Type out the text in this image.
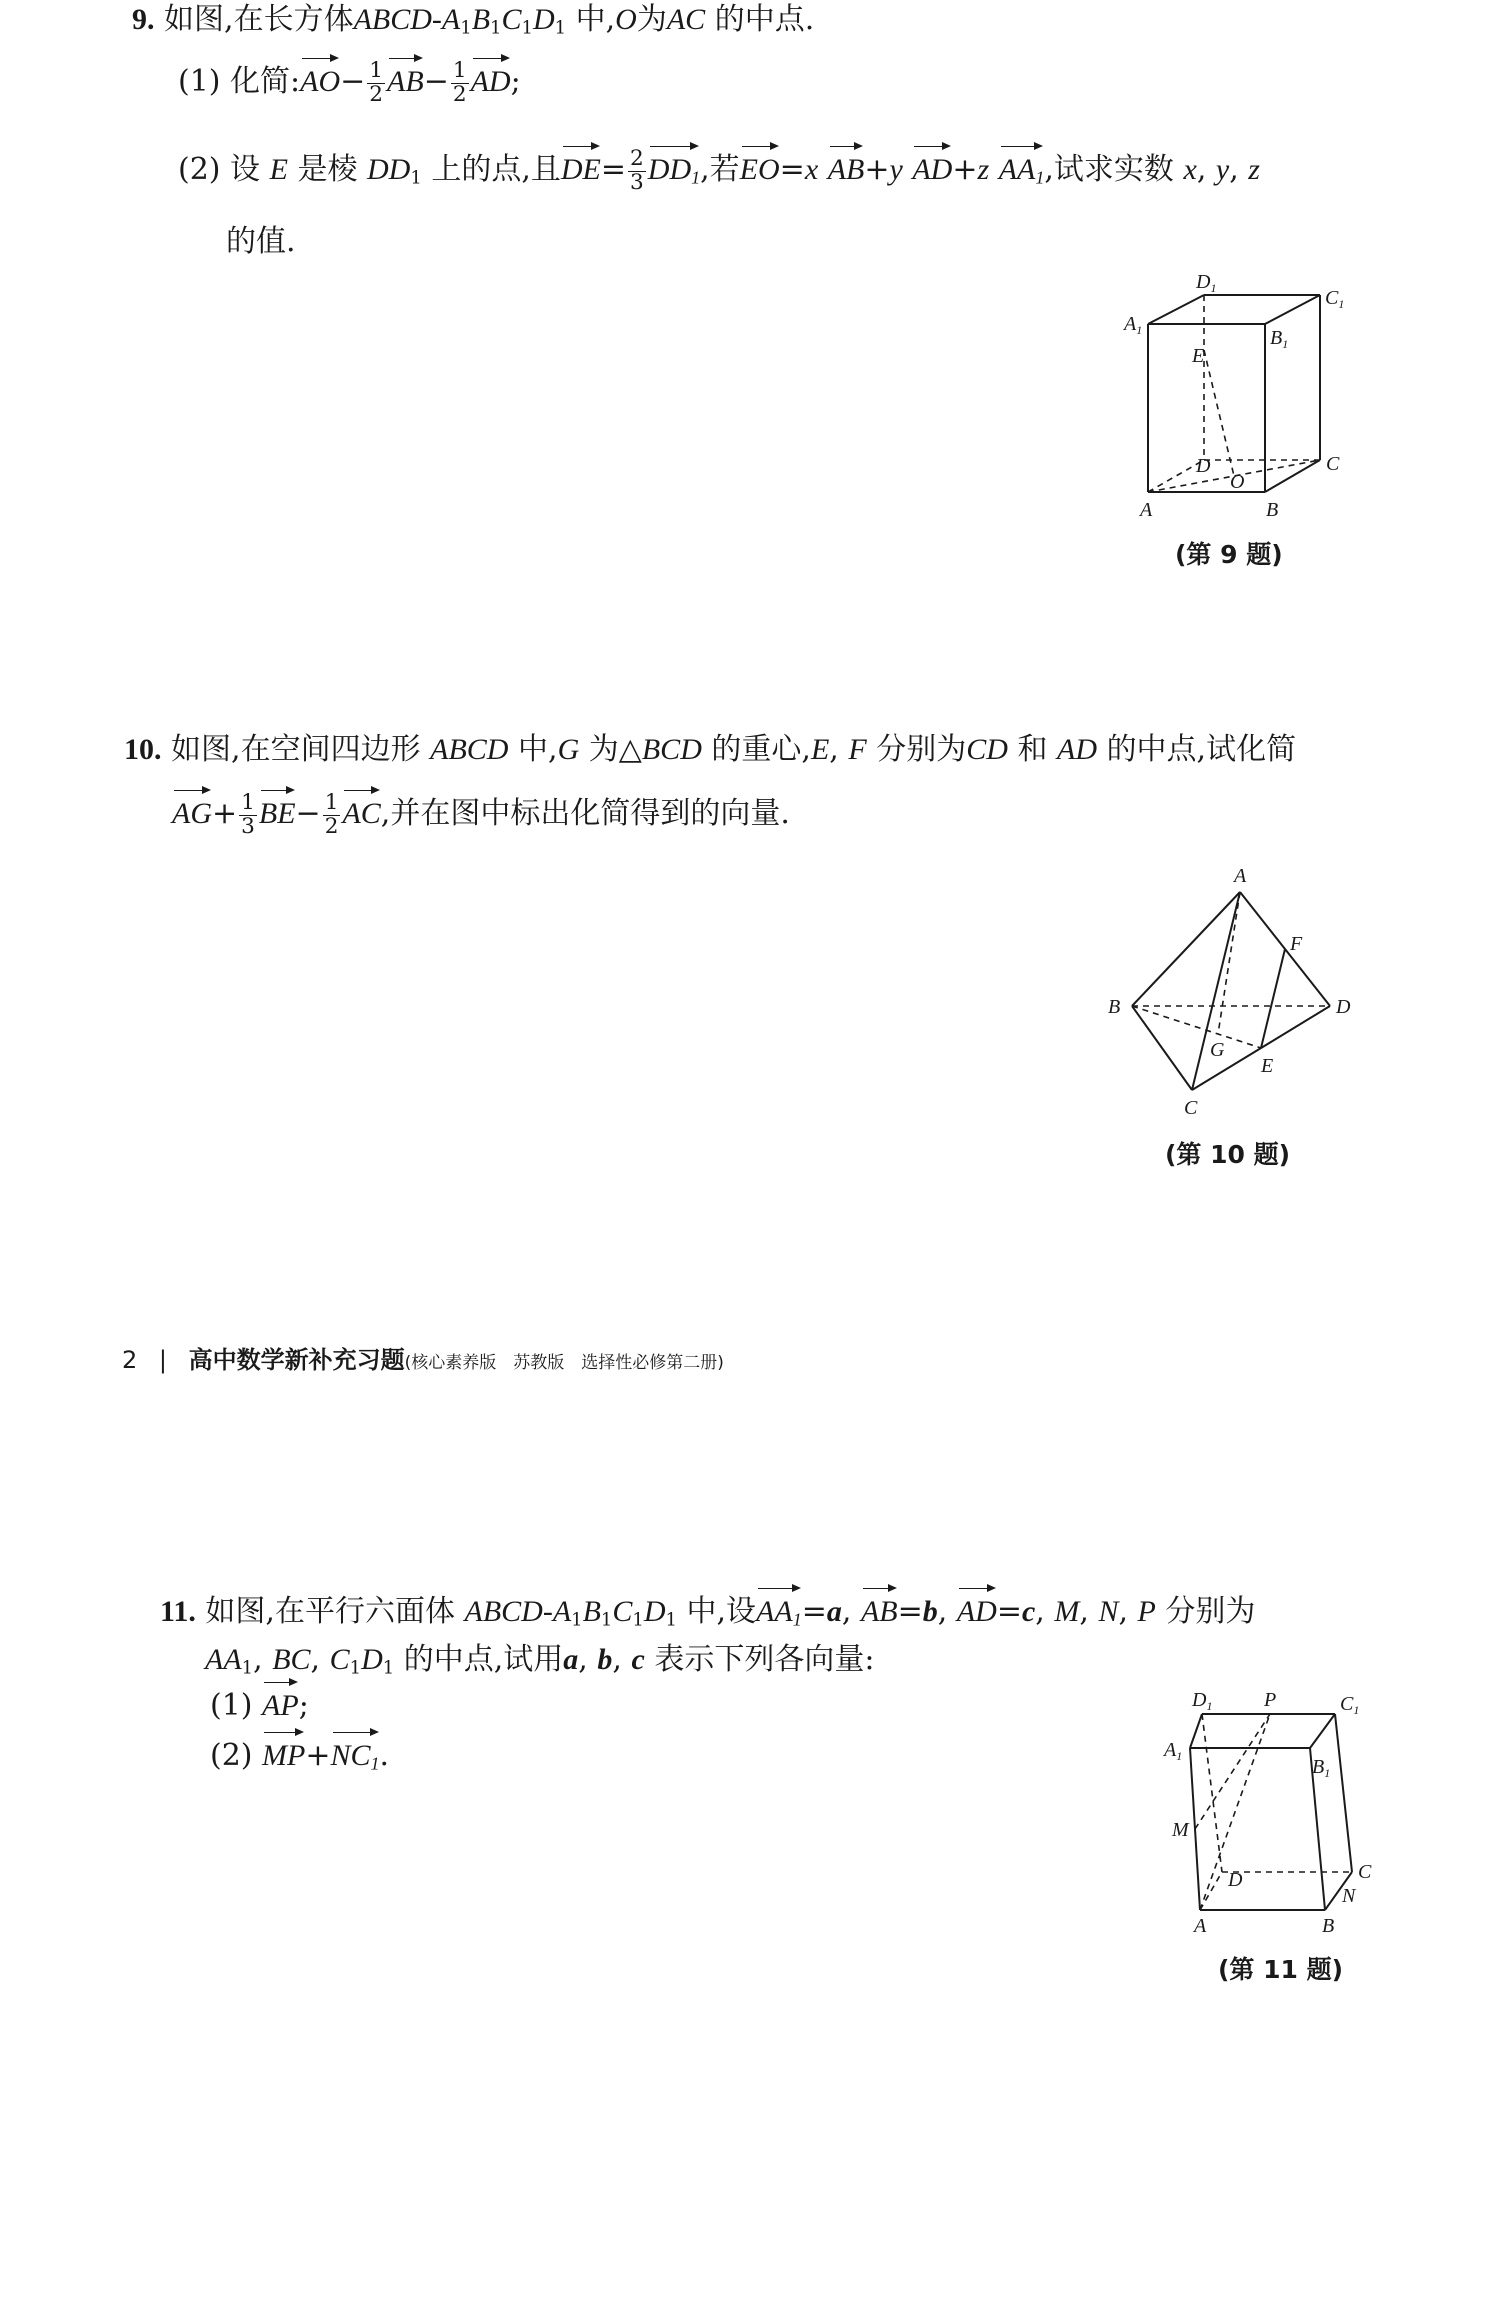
9. 如图,在长方体ABCD-$A_1B_1C_1D_1$ 中,O为AC 的中点.
(1) 化简:AO− $\frac{1}{2} AB- \frac{1}{2}$ AD;
(2) 设 E 是棱 $DD_1$ 上的点,且$DE= \frac{2}{3} DD_1$,若EO=x AB+y AD+z $AA_1$,试求实数 x, y, z
的值.
$A_1$	$B_1$
$C_1$
$D_1$
E
D
O
C
A	B
(第 9 题)
10. 如图,在空间四边形 ABCD 中,G 为△BCD 的重心,E, F 分别为CD 和 AD 的中点,试化简
$AG+ \frac{1}{3} BE- \frac{1}{2}$ AC,并在图中标出化简得到的向量.
A
B	D
C
F
G
E
(第 10 题)
2 | 高中数学新补充习题(核心素养版　苏教版　选择性必修第二册)
11. 如图,在平行六面体 ABCD-$A_1B_1C_1D_1$ 中,设$AA_1=a$, AB=b, AD=c, M, N, P 分别为
$AA_1$, BC, $C_1D_1$ 的中点,试用a, b, c 表示下列各向量:
(1) AP;
(2) $MP+NC_1$.	$A_1$	$B_1$
$C_1$
$D_1$	P
M
D	C
N
A	B
(第 11 题)
